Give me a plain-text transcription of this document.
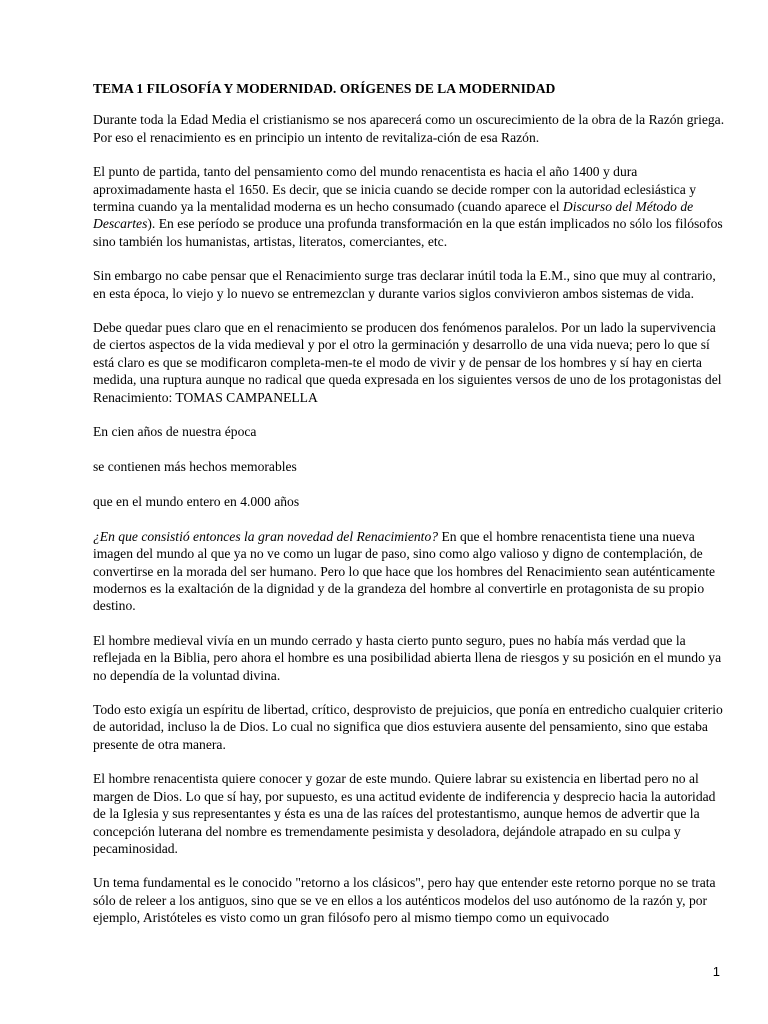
TEMA 1 FILOSOFÍA Y MODERNIDAD. ORÍGENES DE LA MODERNIDAD

Durante toda la Edad Media el cristianismo se nos aparecerá como un oscurecimiento de la obra de la Razón griega. Por eso el renacimiento es en principio un intento de revitaliza-ción de esa Razón.

El punto de partida, tanto del pensamiento como del mundo renacentista es hacia el año 1400 y dura aproximadamente hasta el 1650. Es decir, que se inicia cuando se decide romper con la autoridad eclesiástica y termina cuando ya la mentalidad moderna es un hecho consumado (cuando aparece el Discurso del Método de Descartes). En ese período se produce una profunda transformación en la que están implicados no sólo los filósofos sino también los humanistas, artistas, literatos, comerciantes, etc.

Sin embargo no cabe pensar que el Renacimiento surge tras declarar inútil toda la E.M., sino que muy al contrario, en esta época, lo viejo y lo nuevo se entremezclan y durante varios siglos convivieron ambos sistemas de vida.

Debe quedar pues claro que en el renacimiento se producen dos fenómenos paralelos. Por un lado la supervivencia de ciertos aspectos de la vida medieval y por el otro la germinación y desarrollo de una vida nueva; pero lo que sí está claro es que se modificaron completa-men-te el modo de vivir y de pensar de los hombres y sí hay en cierta medida, una ruptura aunque no radical que queda expresada en los siguientes versos de uno de los protagonistas del Renacimiento: TOMAS CAMPANELLA

En cien años de nuestra época
se contienen más hechos memorables
que en el mundo entero en 4.000 años

¿En que consistió entonces la gran novedad del Renacimiento? En que el hombre renacentista tiene una nueva imagen del mundo al que ya no ve como un lugar de paso, sino como algo valioso y digno de contemplación, de convertirse en la morada del ser humano. Pero lo que hace que los hombres del Renacimiento sean auténticamente modernos es la exaltación de la dignidad y de la grandeza del hombre al convertirle en protagonista de su propio destino.

El hombre medieval vivía en un mundo cerrado y hasta cierto punto seguro, pues no había más verdad que la reflejada en la Biblia, pero ahora el hombre es una posibilidad abierta llena de riesgos y su posición en el mundo ya no dependía de la voluntad divina.

Todo esto exigía un espíritu de libertad, crítico, desprovisto de prejuicios, que ponía en entredicho cualquier criterio de autoridad, incluso la de Dios. Lo cual no significa que dios estuviera ausente del pensamiento, sino que estaba presente de otra manera.

El hombre renacentista quiere conocer y gozar de este mundo. Quiere labrar su existencia en libertad pero no al margen de Dios. Lo que sí hay, por supuesto, es una actitud evidente de indiferencia y desprecio hacia la autoridad de la Iglesia y sus representantes y ésta es una de las raíces del protestantismo, aunque hemos de advertir que la concepción luterana del nombre es tremendamente pesimista y desoladora, dejándole atrapado en su culpa y pecaminosidad.

Un tema fundamental es le conocido "retorno a los clásicos", pero hay que entender este retorno porque no se trata sólo de releer a los antiguos, sino que se ve en ellos a los auténticos modelos del uso autónomo de la razón y, por ejemplo, Aristóteles es visto como un gran filósofo pero al mismo tiempo como un equivocado

1
